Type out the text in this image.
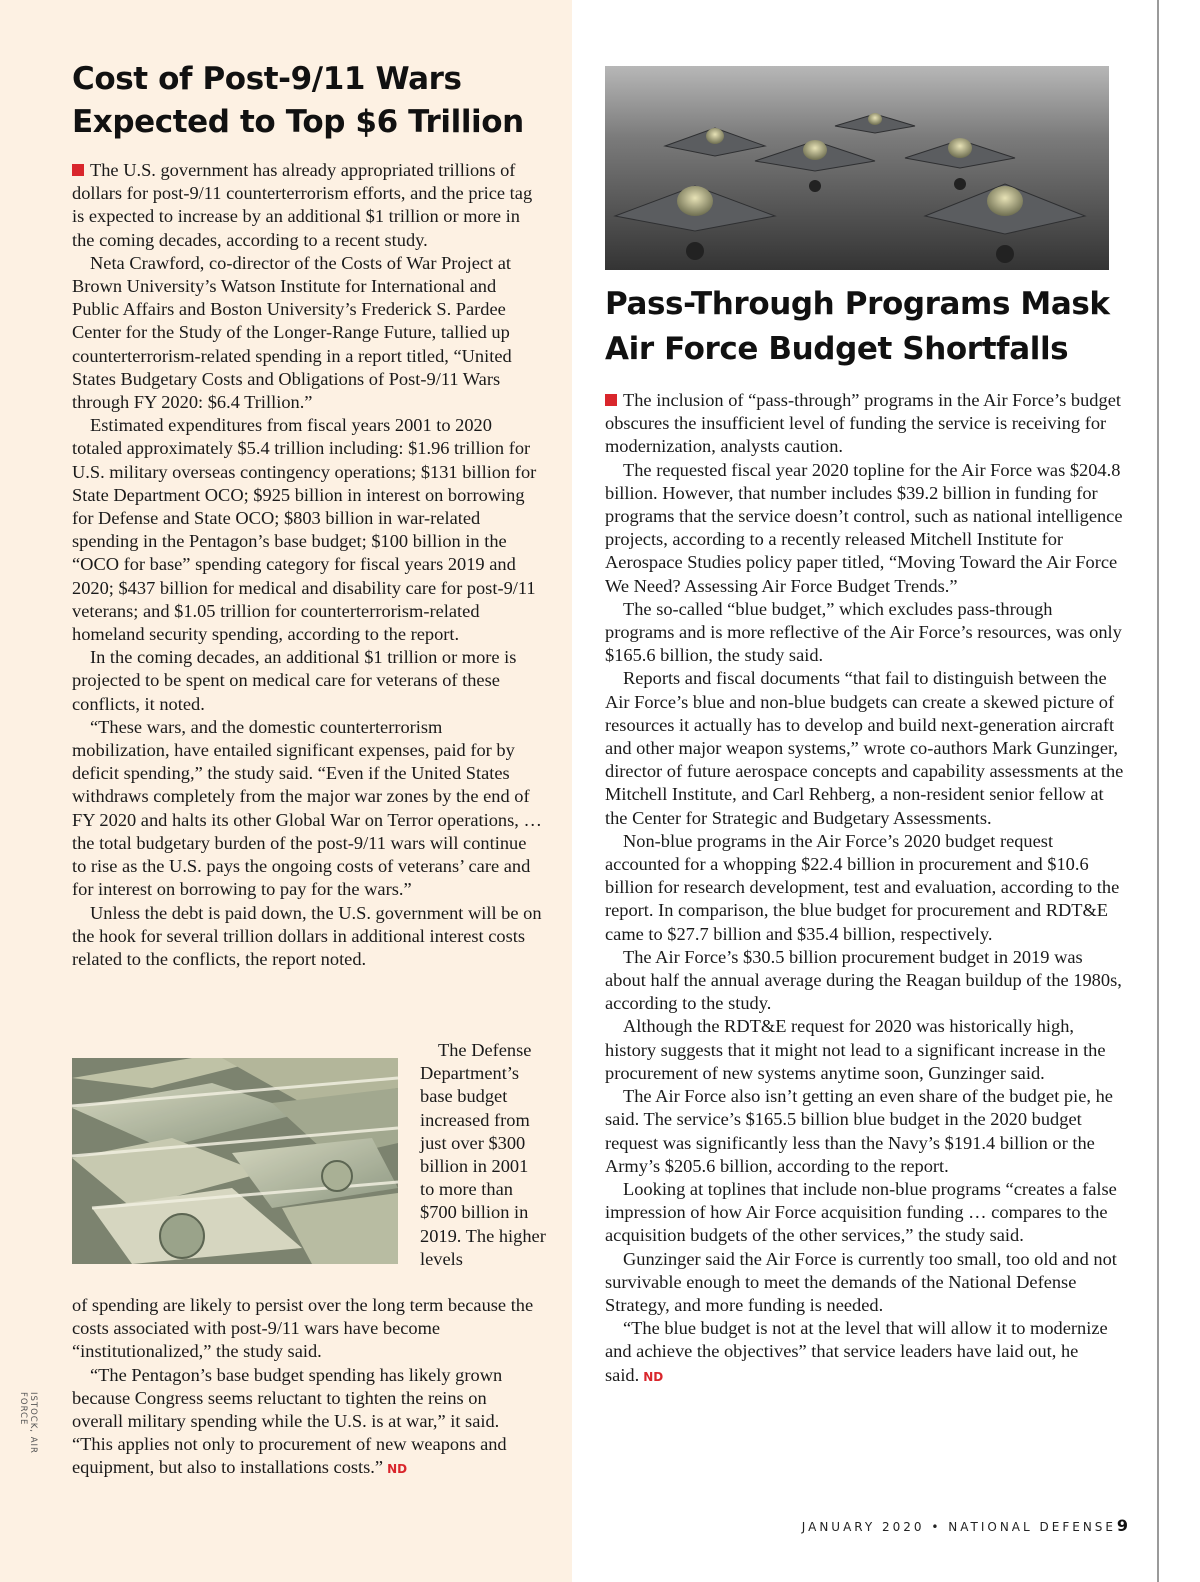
Cost of Post-9/11 Wars
Expected to Top $6 Trillion

The U.S. government has already appropriated trillions of dollars for post-9/11 counterterrorism efforts, and the price tag is expected to increase by an additional $1 trillion or more in the coming decades, according to a recent study.

Neta Crawford, co-director of the Costs of War Project at Brown University’s Watson Institute for International and Public Affairs and Boston University’s Frederick S. Pardee Center for the Study of the Longer-Range Future, tallied up counterterrorism-related spending in a report titled, “United States Budgetary Costs and Obligations of Post-9/11 Wars through FY 2020: $6.4 Trillion.”

Estimated expenditures from fiscal years 2001 to 2020 totaled approximately $5.4 trillion including: $1.96 trillion for U.S. military overseas contingency operations; $131 billion for State Department OCO; $925 billion in interest on borrowing for Defense and State OCO; $803 billion in war-related spending in the Pentagon’s base budget; $100 billion in the “OCO for base” spending category for fiscal years 2019 and 2020; $437 billion for medical and disability care for post-9/11 veterans; and $1.05 trillion for counterterrorism-related homeland security spending, according to the report.

In the coming decades, an additional $1 trillion or more is projected to be spent on medical care for veterans of these conflicts, it noted.

“These wars, and the domestic counterterrorism mobilization, have entailed significant expenses, paid for by deficit spending,” the study said. “Even if the United States withdraws completely from the major war zones by the end of FY 2020 and halts its other Global War on Terror operations, … the total budgetary burden of the post-9/11 wars will continue to rise as the U.S. pays the ongoing costs of veterans’ care and for interest on borrowing to pay for the wars.”

Unless the debt is paid down, the U.S. government will be on the hook for several trillion dollars in additional interest costs related to the conflicts, the report noted.

The Defense Department’s base budget increased from just over $300 billion in 2001 to more than $700 billion in 2019. The higher levels

of spending are likely to persist over the long term because the costs associated with post-9/11 wars have become “institutionalized,” the study said.

“The Pentagon’s base budget spending has likely grown because Congress seems reluctant to tighten the reins on overall military spending while the U.S. is at war,” it said. “This applies not only to procurement of new weapons and equipment, but also to installations costs.” ND

ISTOCK, AIR FORCE
Pass-Through Programs Mask
Air Force Budget Shortfalls

The inclusion of “pass-through” programs in the Air Force’s budget obscures the insufficient level of funding the service is receiving for modernization, analysts caution.

The requested fiscal year 2020 topline for the Air Force was $204.8 billion. However, that number includes $39.2 billion in funding for programs that the service doesn’t control, such as national intelligence projects, according to a recently released Mitchell Institute for Aerospace Studies policy paper titled, “Moving Toward the Air Force We Need? Assessing Air Force Budget Trends.”

The so-called “blue budget,” which excludes pass-through programs and is more reflective of the Air Force’s resources, was only $165.6 billion, the study said.

Reports and fiscal documents “that fail to distinguish between the Air Force’s blue and non-blue budgets can create a skewed picture of resources it actually has to develop and build next-generation aircraft and other major weapon systems,” wrote co-authors Mark Gunzinger, director of future aerospace concepts and capability assessments at the Mitchell Institute, and Carl Rehberg, a non-resident senior fellow at the Center for Strategic and Budgetary Assessments.

Non-blue programs in the Air Force’s 2020 budget request accounted for a whopping $22.4 billion in procurement and $10.6 billion for research development, test and evaluation, according to the report. In comparison, the blue budget for procurement and RDT&E came to $27.7 billion and $35.4 billion, respectively.

The Air Force’s $30.5 billion procurement budget in 2019 was about half the annual average during the Reagan buildup of the 1980s, according to the study.

Although the RDT&E request for 2020 was historically high, history suggests that it might not lead to a significant increase in the procurement of new systems anytime soon, Gunzinger said.

The Air Force also isn’t getting an even share of the budget pie, he said. The service’s $165.5 billion blue budget in the 2020 budget request was significantly less than the Navy’s $191.4 billion or the Army’s $205.6 billion, according to the report.

Looking at toplines that include non-blue programs “creates a false impression of how Air Force acquisition funding … compares to the acquisition budgets of the other services,” the study said.

Gunzinger said the Air Force is currently too small, too old and not survivable enough to meet the demands of the National Defense Strategy, and more funding is needed.

“The blue budget is not at the level that will allow it to modernize and achieve the objectives” that service leaders have laid out, he said. ND

JANUARY 2020 • NATIONAL DEFENSE 9
